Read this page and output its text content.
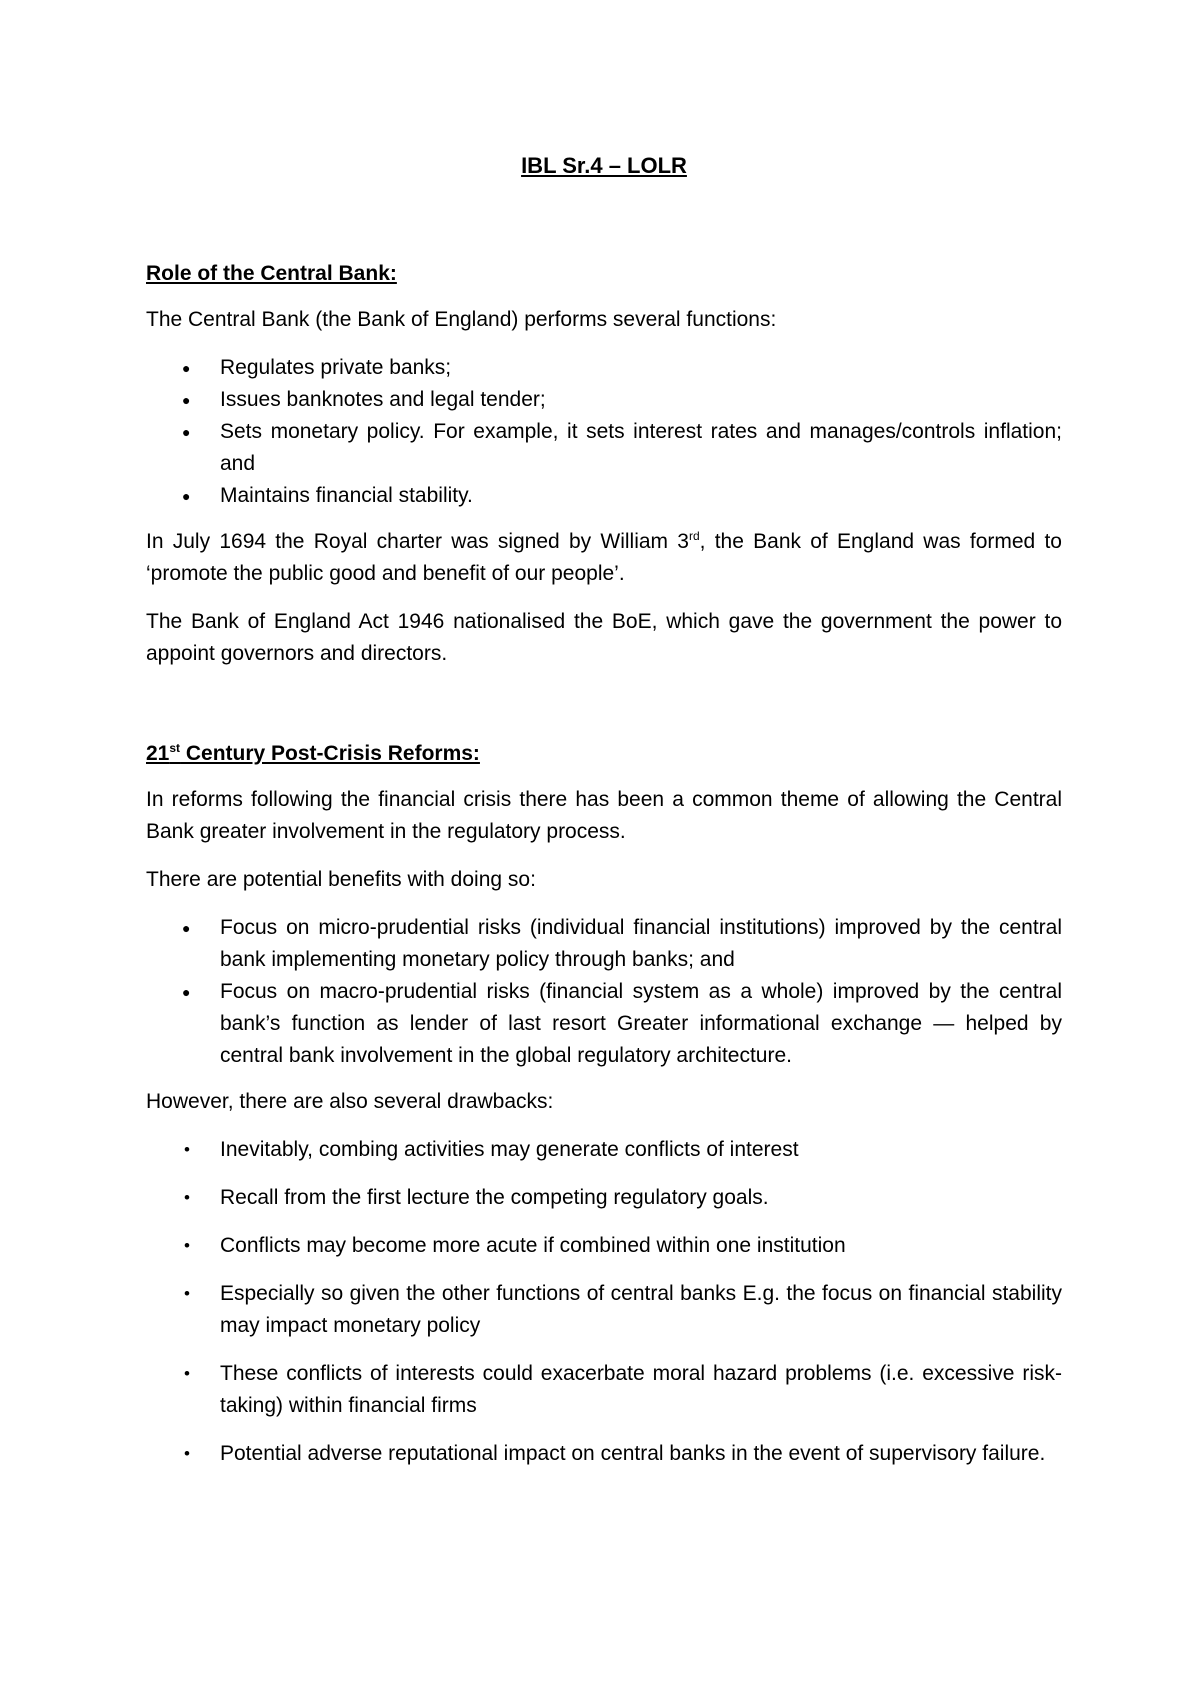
IBL Sr.4 – LOLR
Role of the Central Bank:

The Central Bank (the Bank of England) performs several functions:

● Regulates private banks;
● Issues banknotes and legal tender;
● Sets monetary policy. For example, it sets interest rates and manages/controls inflation; and
● Maintains financial stability.

In July 1694 the Royal charter was signed by William 3rd, the Bank of England was formed to ‘promote the public good and benefit of our people’.

The Bank of England Act 1946 nationalised the BoE, which gave the government the power to appoint governors and directors.

21st Century Post-Crisis Reforms:

In reforms following the financial crisis there has been a common theme of allowing the Central Bank greater involvement in the regulatory process.

There are potential benefits with doing so:

● Focus on micro-prudential risks (individual financial institutions) improved by the central bank implementing monetary policy through banks; and
● Focus on macro-prudential risks (financial system as a whole) improved by the central bank’s function as lender of last resort Greater informational exchange — helped by central bank involvement in the global regulatory architecture.

However, there are also several drawbacks:

• Inevitably, combing activities may generate conflicts of interest
• Recall from the first lecture the competing regulatory goals.
• Conflicts may become more acute if combined within one institution
• Especially so given the other functions of central banks E.g. the focus on financial stability may impact monetary policy
• These conflicts of interests could exacerbate moral hazard problems (i.e. excessive risk-taking) within financial firms
• Potential adverse reputational impact on central banks in the event of supervisory failure.
